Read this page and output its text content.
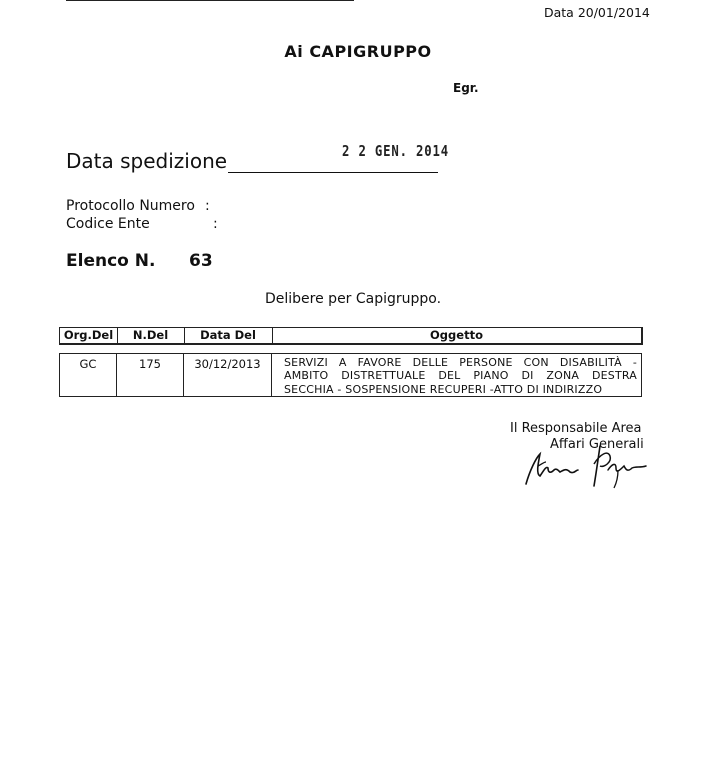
Data 20/01/2014
Ai CAPIGRUPPO
Egr.
Data spedizione	2 2 GEN. 2014
Protocollo Numero :
Codice Ente	:
Elenco N. 63
Delibere per Capigruppo.
Org.Del	N.Del	Data Del	Oggetto
GC	175	30/12/2013	SERVIZI A FAVORE DELLE PERSONE CON DISABILITÀ -
AMBITO DISTRETTUALE DEL PIANO DI ZONA DESTRA
SECCHIA - SOSPENSIONE RECUPERI -ATTO DI INDIRIZZO
Il Responsabile Area
Affari Generali
